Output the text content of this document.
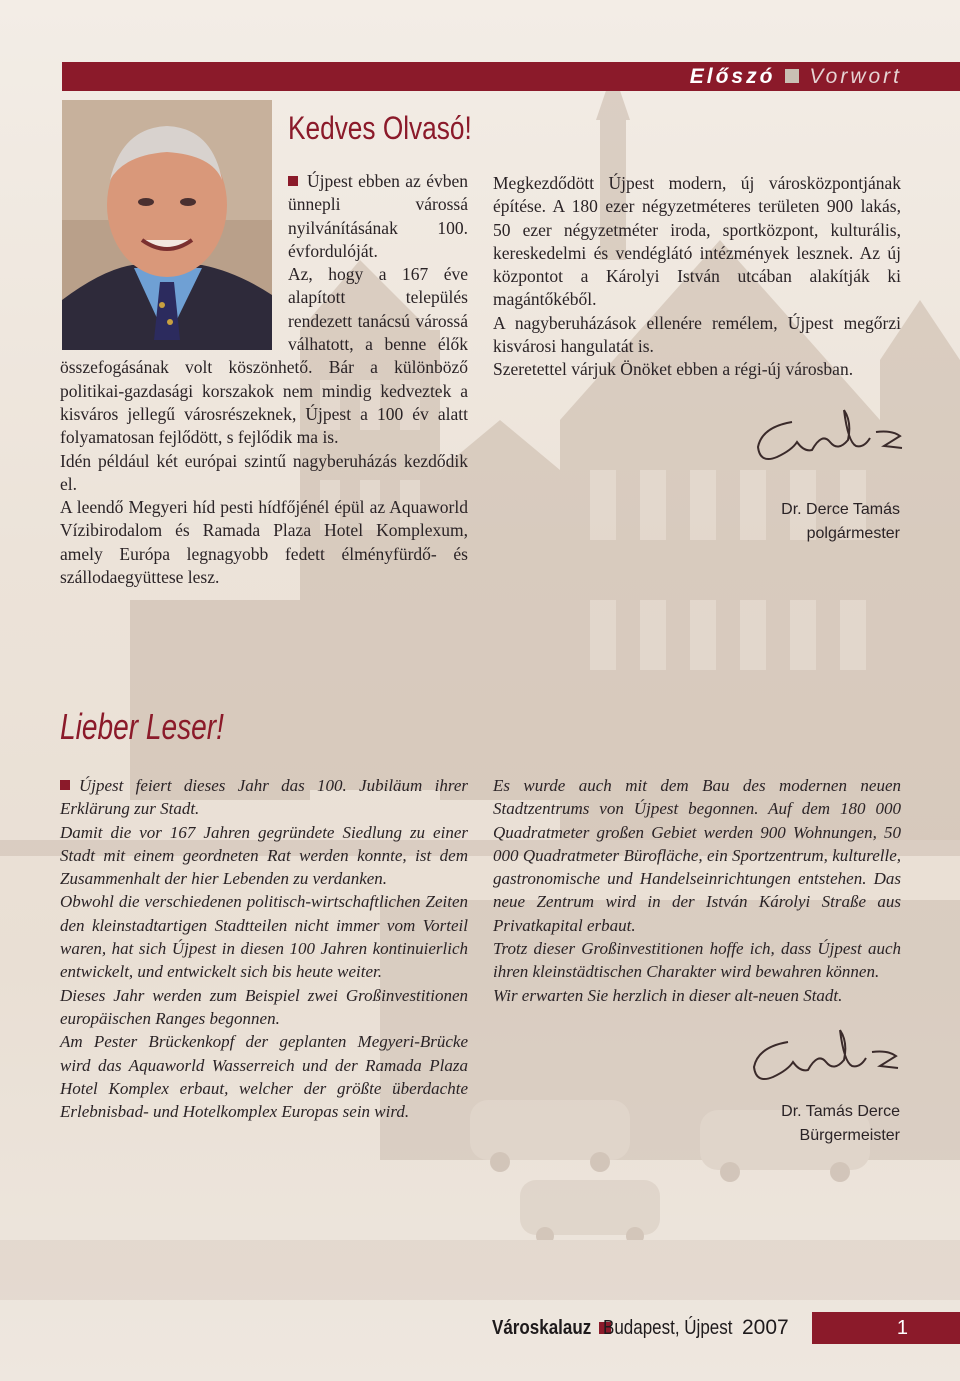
Előszó Vorwort
Kedves Olvasó!

Újpest ebben az évben ünnepli várossá nyilvánításának 100. évfordulóját.

Az, hogy a 167 éve alapított település rendezett tanácsú várossá válhatott, a benne élők összefogásának volt köszönhető. Bár a különböző politikai-gazdasági korszakok nem mindig kedveztek a kisváros jellegű városrészeknek, Újpest a 100 év alatt folyamatosan fejlődött, s fejlődik ma is.

Idén például két európai szintű nagyberuházás kezdődik el.

A leendő Megyeri híd pesti hídfőjénél épül az Aquaworld Vízibirodalom és Ramada Plaza Hotel Komplexum, amely Európa legnagyobb fedett élményfürdő- és szállodaegyüttese lesz.

Megkezdődött Újpest modern, új városközpontjának építése. A 180 ezer négyzetméteres területen 900 lakás, 50 ezer négyzetméter iroda, sportközpont, kulturális, kereskedelmi és vendéglátó intézmények lesznek. Az új központot a Károlyi István utcában alakítják ki magántőkéből.

A nagyberuházások ellenére remélem, Újpest megőrzi kisvárosi hangulatát is.

Szeretettel várjuk Önöket ebben a régi-új városban.

Dr. Derce Tamás
polgármester
Lieber Leser!

Újpest feiert dieses Jahr das 100. Jubiläum ihrer Erklärung zur Stadt.

Damit die vor 167 Jahren gegründete Siedlung zu einer Stadt mit einem geordneten Rat werden konnte, ist dem Zusammenhalt der hier Lebenden zu verdanken.

Obwohl die verschiedenen politisch-wirtschaftlichen Zeiten den kleinstadtartigen Stadtteilen nicht immer vom Vorteil waren, hat sich Újpest in diesen 100 Jahren kontinuierlich entwickelt, und entwickelt sich bis heute weiter.

Dieses Jahr werden zum Beispiel zwei Großinvestitionen europäischen Ranges begonnen.

Am Pester Brückenkopf der geplanten Megyeri-Brücke wird das Aquaworld Wasserreich und der Ramada Plaza Hotel Komplex erbaut, welcher der größte überdachte Erlebnisbad- und Hotelkomplex Europas sein wird.

Es wurde auch mit dem Bau des modernen neuen Stadtzentrums von Újpest begonnen. Auf dem 180 000 Quadratmeter großen Gebiet werden 900 Wohnungen, 50 000 Quadratmeter Bürofläche, ein Sportzentrum, kulturelle, gastronomische und Handelseinrichtungen entstehen. Das neue Zentrum wird in der István Károlyi Straße aus Privatkapital erbaut.

Trotz dieser Großinvestitionen hoffe ich, dass Újpest auch ihren kleinstädtischen Charakter wird bewahren können.

Wir erwarten Sie herzlich in dieser alt-neuen Stadt.

Dr. Tamás Derce
Bürgermeister
Városkalauz Budapest, Újpest 2007	1
